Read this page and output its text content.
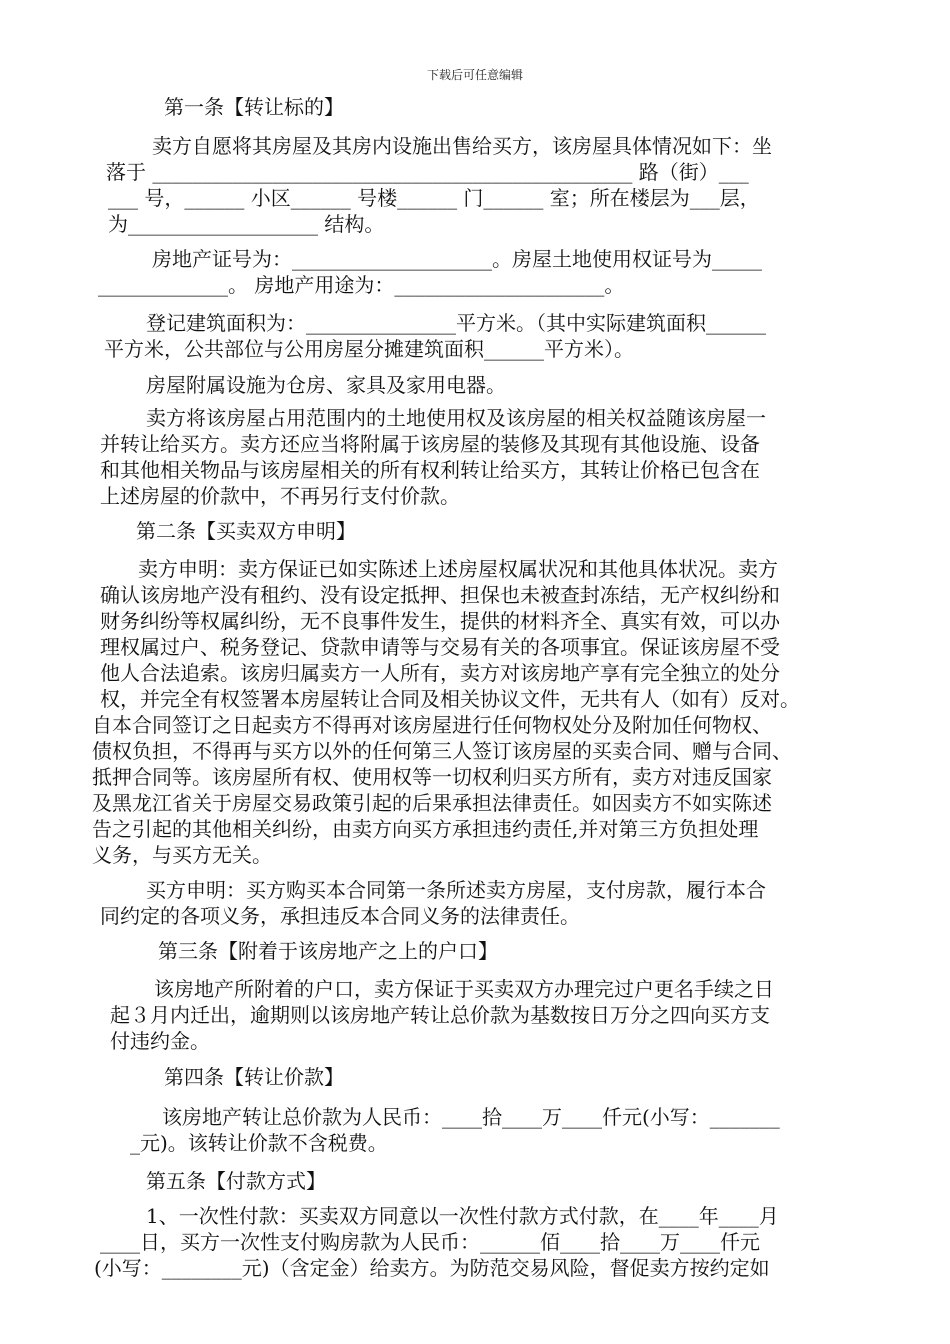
下载后可任意编辑

第一条【转让标的】

卖方自愿将其房屋及其房内设施出售给买方，该房屋具体情况如下：坐

落于 ________________________________________________ 路（街）___

___ 号，______ 小区______ 号楼______ 门______ 室；所在楼层为___层，

为___________________ 结构。

房地产证号为：____________________。房屋土地使用权证号为_____

_____________。 房地产用途为：_____________________。

登记建筑面积为：_______________平方米。（其中实际建筑面积______

平方米，公共部位与公用房屋分摊建筑面积______平方米）。

房屋附属设施为仓房、家具及家用电器。

卖方将该房屋占用范围内的土地使用权及该房屋的相关权益随该房屋一

并转让给买方。卖方还应当将附属于该房屋的装修及其现有其他设施、设备

和其他相关物品与该房屋相关的所有权利转让给买方，其转让价格已包含在

上述房屋的价款中，不再另行支付价款。

第二条【买卖双方申明】

卖方申明：卖方保证已如实陈述上述房屋权属状况和其他具体状况。卖方

确认该房地产没有租约、没有设定抵押、担保也未被查封冻结，无产权纠纷和

财务纠纷等权属纠纷，无不良事件发生，提供的材料齐全、真实有效，可以办

理权属过户、税务登记、贷款申请等与交易有关的各项事宜。保证该房屋不受

他人合法追索。该房归属卖方一人所有，卖方对该房地产享有完全独立的处分

权，并完全有权签署本房屋转让合同及相关协议文件，无共有人（如有）反对。

自本合同签订之日起卖方不得再对该房屋进行任何物权处分及附加任何物权、

债权负担，不得再与买方以外的任何第三人签订该房屋的买卖合同、赠与合同、

抵押合同等。该房屋所有权、使用权等一切权利归买方所有，卖方对违反国家

及黑龙江省关于房屋交易政策引起的后果承担法律责任。如因卖方不如实陈述

告之引起的其他相关纠纷，由卖方向买方承担违约责任,并对第三方负担处理

义务，与买方无关。

买方申明：买方购买本合同第一条所述卖方房屋，支付房款，履行本合

同约定的各项义务，承担违反本合同义务的法律责任。

第三条【附着于该房地产之上的户口】

该房地产所附着的户口，卖方保证于买卖双方办理完过户更名手续之日

起３月内迁出，逾期则以该房地产转让总价款为基数按日万分之四向买方支

付违约金。

第四条【转让价款】

该房地产转让总价款为人民币：____拾____万____仟元(小写：_______

_元)。该转让价款不含税费。

第五条【付款方式】

1、一次性付款：买卖双方同意以一次性付款方式付款，在____年____月

____日，买方一次性支付购房款为人民币：______佰____拾____万____仟元

(小写：________元)（含定金）给卖方。为防范交易风险，督促卖方按约定如
